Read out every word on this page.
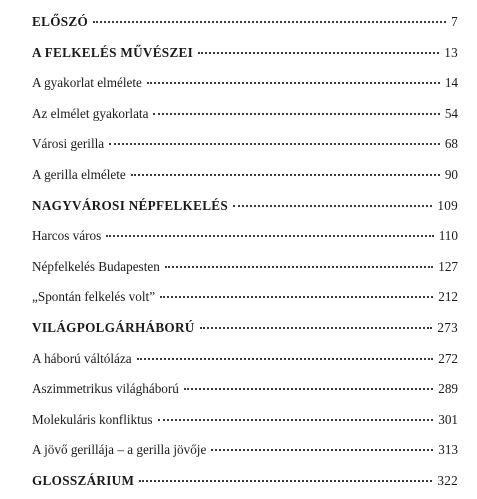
ELŐSZÓ	7
A FELKELÉS MŰVÉSZEI	13
A gyakorlat elmélete	14
Az elmélet gyakorlata	54
Városi gerilla	68
A gerilla elmélete	90
NAGYVÁROSI NÉPFELKELÉS	109
Harcos város	110
Népfelkelés Budapesten	127
„Spontán felkelés volt”	212
VILÁGPOLGÁRHÁBORÚ	273
A háború váltóláza	272
Aszimmetrikus világháború	289
Molekuláris konfliktus	301
A jövő gerillája – a gerilla jövője	313
GLOSSZÁRIUM	322
